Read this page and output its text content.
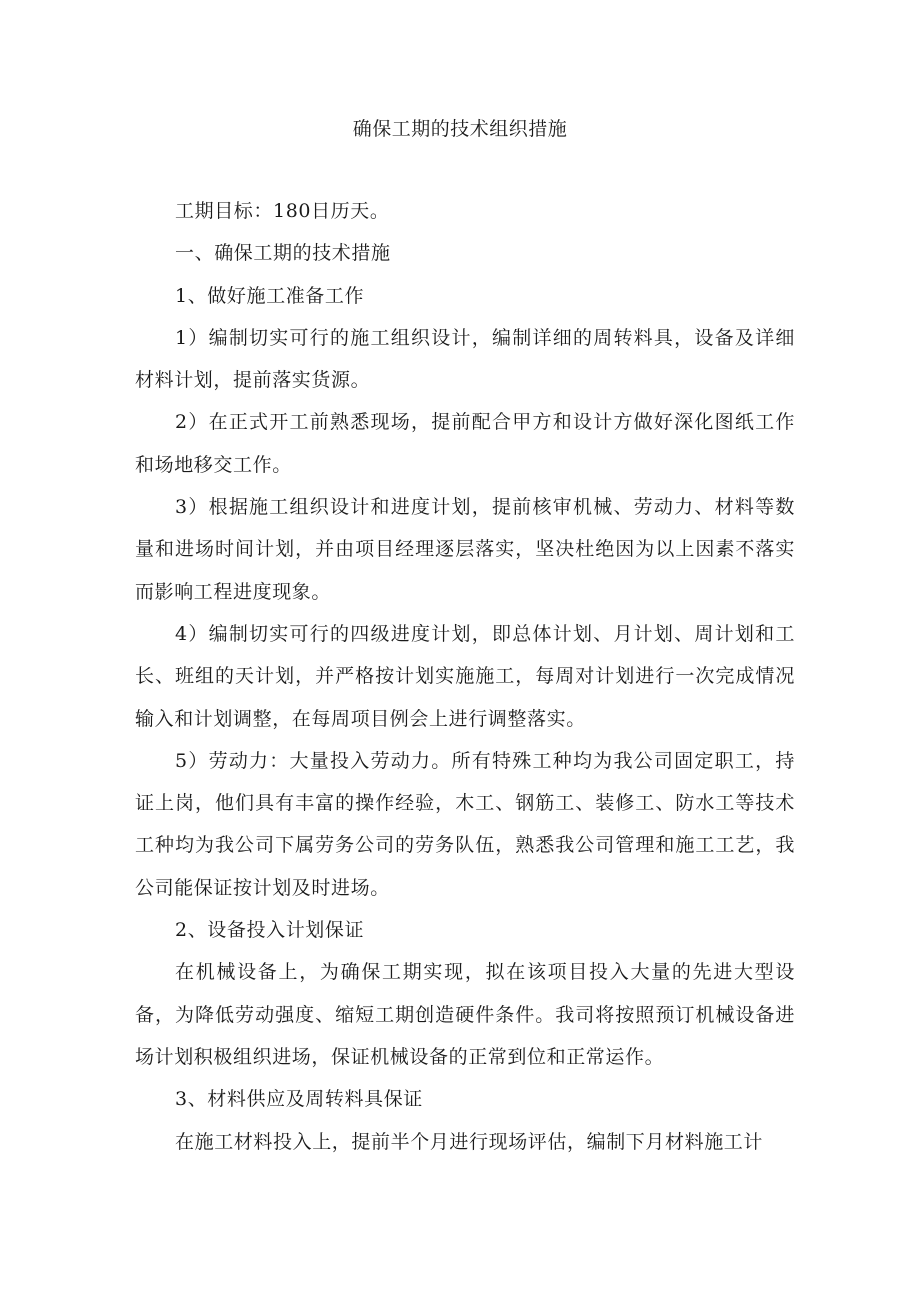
确保工期的技术组织措施

工期目标：180日历天。

一、确保工期的技术措施

1、做好施工准备工作

1）编制切实可行的施工组织设计，编制详细的周转料具，设备及详细材料计划，提前落实货源。

2）在正式开工前熟悉现场，提前配合甲方和设计方做好深化图纸工作和场地移交工作。

3）根据施工组织设计和进度计划，提前核审机械、劳动力、材料等数量和进场时间计划，并由项目经理逐层落实，坚决杜绝因为以上因素不落实而影响工程进度现象。

4）编制切实可行的四级进度计划，即总体计划、月计划、周计划和工长、班组的天计划，并严格按计划实施施工，每周对计划进行一次完成情况输入和计划调整，在每周项目例会上进行调整落实。

5）劳动力：大量投入劳动力。所有特殊工种均为我公司固定职工，持证上岗，他们具有丰富的操作经验，木工、钢筋工、装修工、防水工等技术工种均为我公司下属劳务公司的劳务队伍，熟悉我公司管理和施工工艺，我公司能保证按计划及时进场。

2、设备投入计划保证

在机械设备上，为确保工期实现，拟在该项目投入大量的先进大型设备，为降低劳动强度、缩短工期创造硬件条件。我司将按照预订机械设备进场计划积极组织进场，保证机械设备的正常到位和正常运作。

3、材料供应及周转料具保证

在施工材料投入上，提前半个月进行现场评估，编制下月材料施工计
